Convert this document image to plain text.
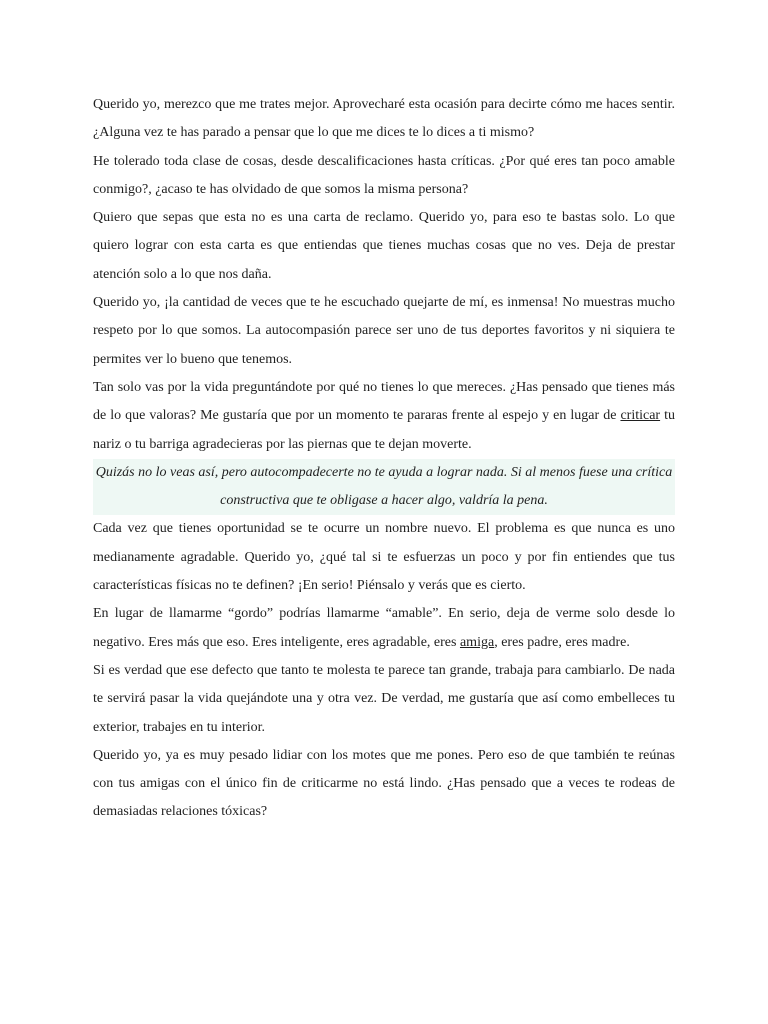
Querido yo, merezco que me trates mejor. Aprovecharé esta ocasión para decirte cómo me haces sentir. ¿Alguna vez te has parado a pensar que lo que me dices te lo dices a ti mismo?

He tolerado toda clase de cosas, desde descalificaciones hasta críticas. ¿Por qué eres tan poco amable conmigo?, ¿acaso te has olvidado de que somos la misma persona?

Quiero que sepas que esta no es una carta de reclamo. Querido yo, para eso te bastas solo. Lo que quiero lograr con esta carta es que entiendas que tienes muchas cosas que no ves. Deja de prestar atención solo a lo que nos daña.

Querido yo, ¡la cantidad de veces que te he escuchado quejarte de mí, es inmensa! No muestras mucho respeto por lo que somos. La autocompasión parece ser uno de tus deportes favoritos y ni siquiera te permites ver lo bueno que tenemos.

Tan solo vas por la vida preguntándote por qué no tienes lo que mereces. ¿Has pensado que tienes más de lo que valoras? Me gustaría que por un momento te pararas frente al espejo y en lugar de criticar tu nariz o tu barriga agradecieras por las piernas que te dejan moverte.

Quizás no lo veas así, pero autocompadecerte no te ayuda a lograr nada. Si al menos fuese una crítica constructiva que te obligase a hacer algo, valdría la pena.

Cada vez que tienes oportunidad se te ocurre un nombre nuevo. El problema es que nunca es uno medianamente agradable. Querido yo, ¿qué tal si te esfuerzas un poco y por fin entiendes que tus características físicas no te definen? ¡En serio! Piénsalo y verás que es cierto.

En lugar de llamarme “gordo” podrías llamarme “amable”. En serio, deja de verme solo desde lo negativo. Eres más que eso. Eres inteligente, eres agradable, eres amiga, eres padre, eres madre.

Si es verdad que ese defecto que tanto te molesta te parece tan grande, trabaja para cambiarlo. De nada te servirá pasar la vida quejándote una y otra vez. De verdad, me gustaría que así como embelleces tu exterior, trabajes en tu interior.

Querido yo, ya es muy pesado lidiar con los motes que me pones. Pero eso de que también te reúnas con tus amigas con el único fin de criticarme no está lindo. ¿Has pensado que a veces te rodeas de demasiadas relaciones tóxicas?
